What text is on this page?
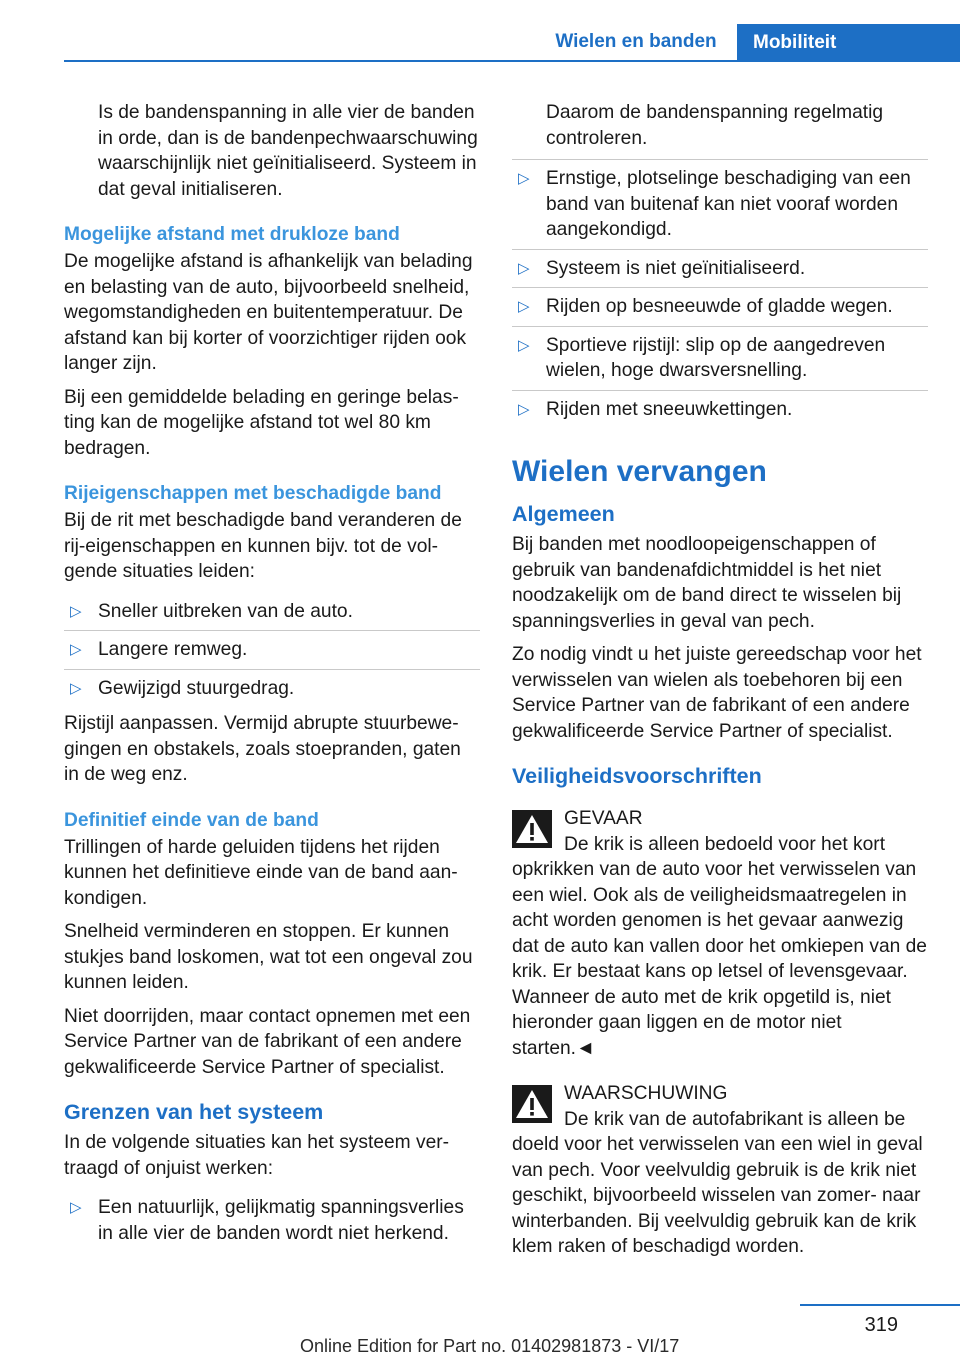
Wielen en banden	Mobiliteit

Is de bandenspanning in alle vier de banden in orde, dan is de bandenpechwaarschuwing waarschijnlijk niet geïnitialiseerd. Systeem in dat geval initialiseren.

Mogelijke afstand met drukloze band

De mogelijke afstand is afhankelijk van belading en belasting van de auto, bijvoorbeeld snelheid, wegomstandigheden en buitentemperatuur. De afstand kan bij korter of voorzichtiger rijden ook langer zijn.

Bij een gemiddelde belading en geringe belasting kan de mogelijke afstand tot wel 80 km bedragen.

Rijeigenschappen met beschadigde band

Bij de rit met beschadigde band veranderen de rij-eigenschappen en kunnen bijv. tot de volgende situaties leiden:

▷ Sneller uitbreken van de auto.
▷ Langere remweg.
▷ Gewijzigd stuurgedrag.

Rijstijl aanpassen. Vermijd abrupte stuurbewegingen en obstakels, zoals stoepranden, gaten in de weg enz.

Definitief einde van de band

Trillingen of harde geluiden tijdens het rijden kunnen het definitieve einde van de band aankondigen.

Snelheid verminderen en stoppen. Er kunnen stukjes band loskomen, wat tot een ongeval zou kunnen leiden.

Niet doorrijden, maar contact opnemen met een Service Partner van de fabrikant of een andere gekwalificeerde Service Partner of specialist.

Grenzen van het systeem

In de volgende situaties kan het systeem vertraagd of onjuist werken:

▷ Een natuurlijk, gelijkmatig spanningsverlies in alle vier de banden wordt niet herkend.

Daarom de bandenspanning regelmatig controleren.

▷ Ernstige, plotselinge beschadiging van een band van buitenaf kan niet vooraf worden aangekondigd.
▷ Systeem is niet geïnitialiseerd.
▷ Rijden op besneeuwde of gladde wegen.
▷ Sportieve rijstijl: slip op de aangedreven wielen, hoge dwarsversnelling.
▷ Rijden met sneeuwkettingen.
Wielen vervangen
Algemeen

Bij banden met noodloopeigenschappen of gebruik van bandenafdichtmiddel is het niet noodzakelijk om de band direct te wisselen bij spanningsverlies in geval van pech.

Zo nodig vindt u het juiste gereedschap voor het verwisselen van wielen als toebehoren bij een Service Partner van de fabrikant of een andere gekwalificeerde Service Partner of specialist.

Veiligheidsvoorschriften
GEVAAR
De krik is alleen bedoeld voor het kort
opkrikken van de auto voor het verwisselen van een wiel. Ook als de veiligheidsmaatregelen in acht worden genomen is het gevaar aanwezig dat de auto kan vallen door het omkiepen van de krik. Er bestaat kans op letsel of levensgevaar. Wanneer de auto met de krik opgetild is, niet hieronder gaan liggen en de motor niet starten.◄
WAARSCHUWING
De krik van de autofabrikant is alleen be
doeld voor het verwisselen van een wiel in geval van pech. Voor veelvuldig gebruik is de krik niet geschikt, bijvoorbeeld wisselen van zomer- naar winterbanden. Bij veelvuldig gebruik kan de krik klem raken of beschadigd worden.
319
Online Edition for Part no. 01402981873 - VI/17
